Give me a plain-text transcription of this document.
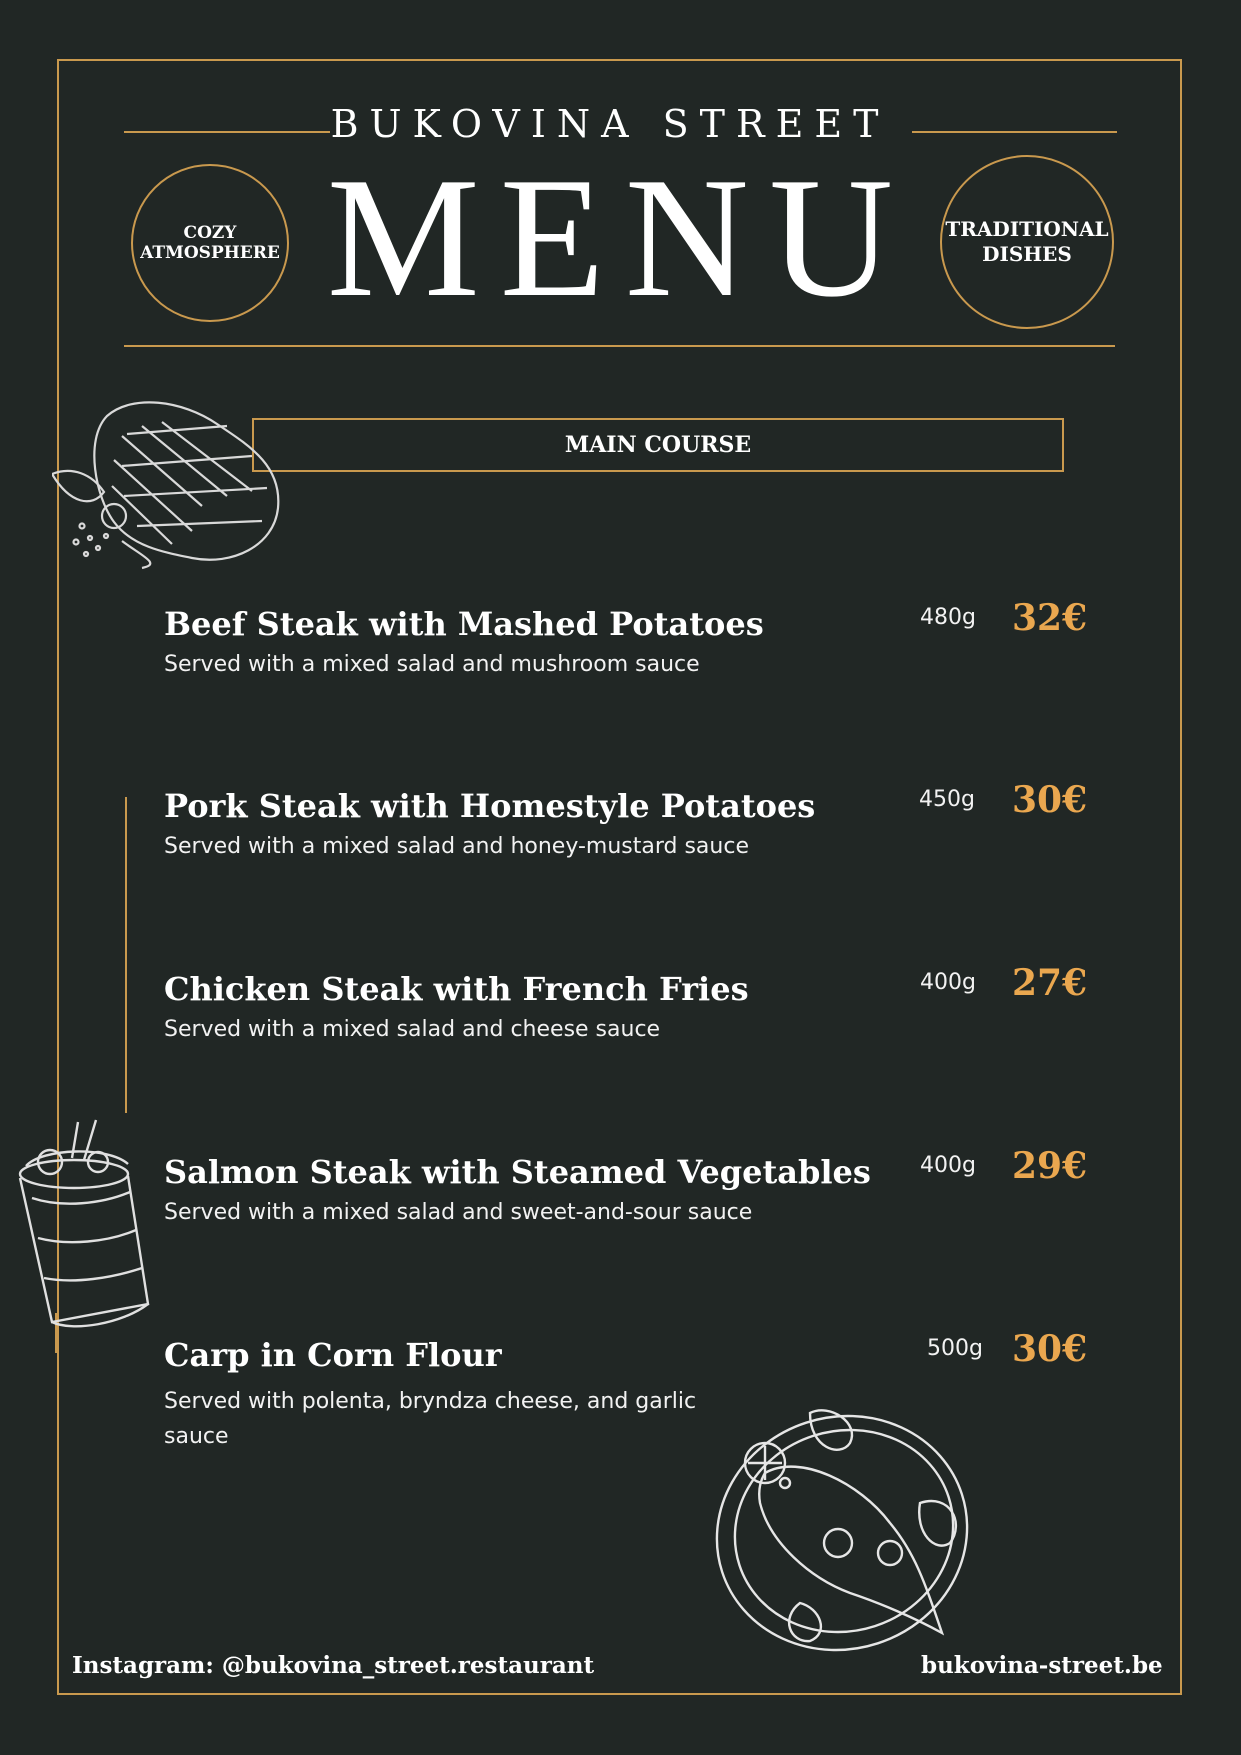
BUKOVINA STREET
MENU
COZY
ATMOSPHERE
TRADITIONAL
DISHES
MAIN COURSE
Beef Steak with Mashed Potatoes
Served with a mixed salad and mushroom sauce
480g 32€
Pork Steak with Homestyle Potatoes
Served with a mixed salad and honey-mustard sauce
450g 30€
Chicken Steak with French Fries
Served with a mixed salad and cheese sauce
400g 27€
Salmon Steak with Steamed Vegetables
Served with a mixed salad and sweet-and-sour sauce
400g 29€
Carp in Corn Flour
Served with polenta, bryndza cheese, and garlic sauce
500g 30€
Instagram: @bukovina_street.restaurant	bukovina-street.be
